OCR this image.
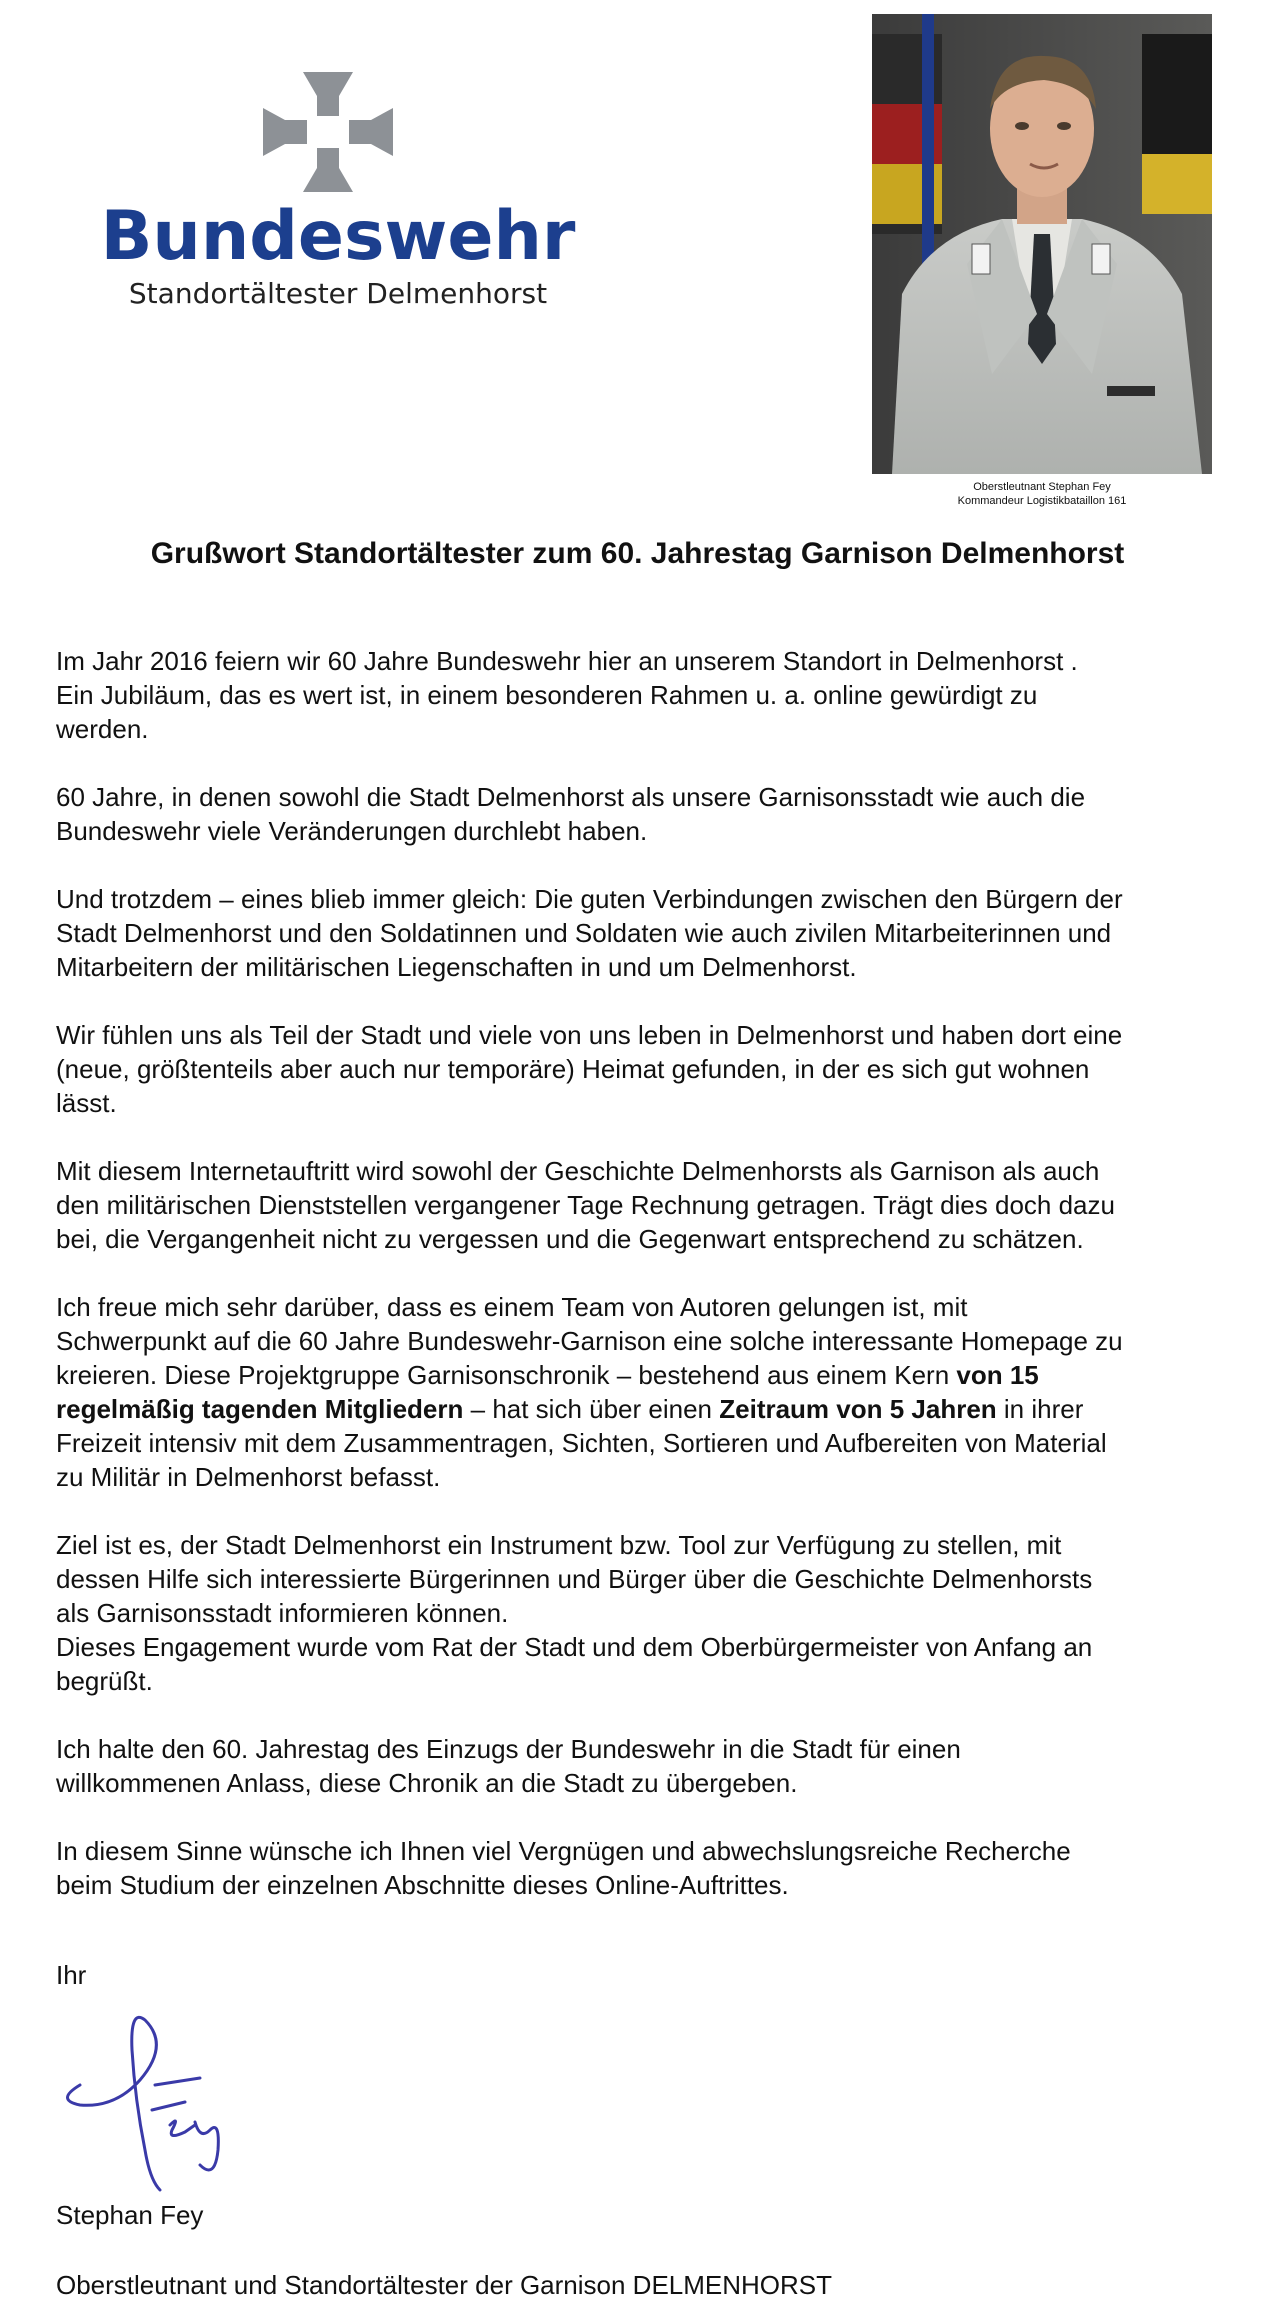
Bundeswehr
Standortältester Delmenhorst
Oberstleutnant Stephan Fey
Kommandeur Logistikbataillon 161
Grußwort Standortältester zum 60. Jahrestag Garnison Delmenhorst

Im Jahr 2016 feiern wir 60 Jahre Bundeswehr hier an unserem Standort in Delmenhorst .
Ein Jubiläum, das es wert ist, in einem besonderen Rahmen u. a. online gewürdigt zu
werden.

60 Jahre, in denen sowohl die Stadt Delmenhorst als unsere Garnisonsstadt wie auch die
Bundeswehr viele Veränderungen durchlebt haben.

Und trotzdem – eines blieb immer gleich: Die guten Verbindungen zwischen den Bürgern der
Stadt Delmenhorst und den Soldatinnen und Soldaten wie auch zivilen Mitarbeiterinnen und
Mitarbeitern der militärischen Liegenschaften in und um Delmenhorst.

Wir fühlen uns als Teil der Stadt und viele von uns leben in Delmenhorst und haben dort eine
(neue, größtenteils aber auch nur temporäre) Heimat gefunden, in der es sich gut wohnen
lässt.

Mit diesem Internetauftritt wird sowohl der Geschichte Delmenhorsts als Garnison als auch
den militärischen Dienststellen vergangener Tage Rechnung getragen. Trägt dies doch dazu
bei, die Vergangenheit nicht zu vergessen und die Gegenwart entsprechend zu schätzen.

Ich freue mich sehr darüber, dass es einem Team von Autoren gelungen ist, mit
Schwerpunkt auf die 60 Jahre Bundeswehr-Garnison eine solche interessante Homepage zu
kreieren. Diese Projektgruppe Garnisonschronik – bestehend aus einem Kern von 15
regelmäßig tagenden Mitgliedern – hat sich über einen Zeitraum von 5 Jahren in ihrer
Freizeit intensiv mit dem Zusammentragen, Sichten, Sortieren und Aufbereiten von Material
zu Militär in Delmenhorst befasst.

Ziel ist es, der Stadt Delmenhorst ein Instrument bzw. Tool zur Verfügung zu stellen, mit
dessen Hilfe sich interessierte Bürgerinnen und Bürger über die Geschichte Delmenhorsts
als Garnisonsstadt informieren können.
Dieses Engagement wurde vom Rat der Stadt und dem Oberbürgermeister von Anfang an
begrüßt.

Ich halte den 60. Jahrestag des Einzugs der Bundeswehr in die Stadt für einen
willkommenen Anlass, diese Chronik an die Stadt zu übergeben.

In diesem Sinne wünsche ich Ihnen viel Vergnügen und abwechslungsreiche Recherche
beim Studium der einzelnen Abschnitte dieses Online-Auftrittes.

Ihr
Stephan Fey
Oberstleutnant und Standortältester der Garnison DELMENHORST
